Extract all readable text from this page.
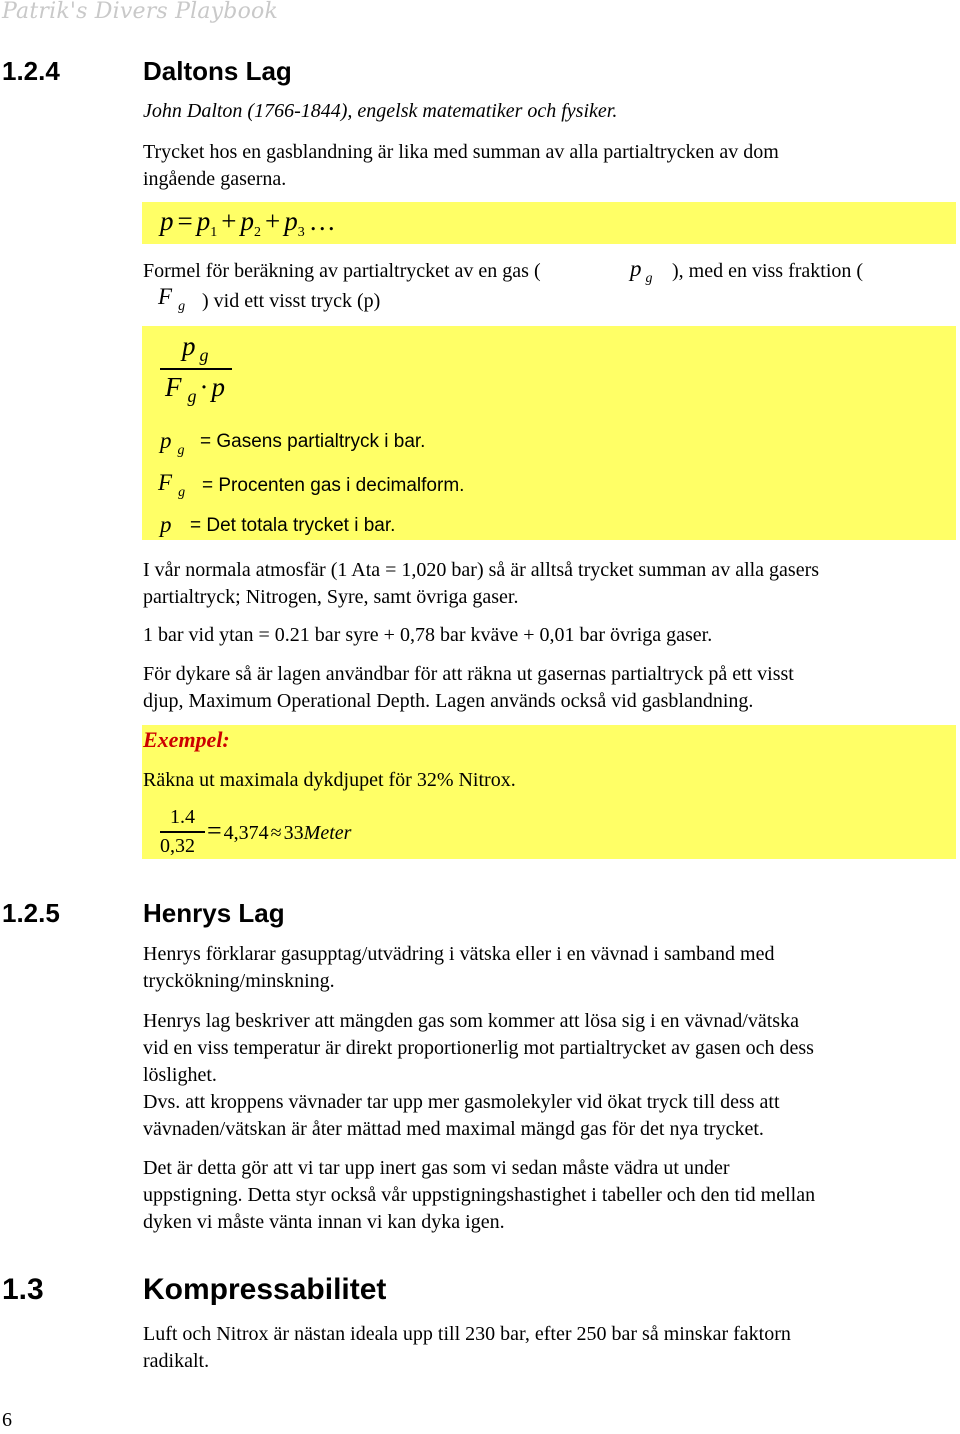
Patrik's Divers Playbook
1.2.4	Daltons Lag
John Dalton (1766-1844), engelsk matematiker och fysiker.
Trycket hos en gasblandning är lika med summan av alla partialtrycken av dom
ingående gaserna.
$p = p_1 + p_2 + p_3$ …
Formel för beräkning av partialtrycket av en gas (	p $_g$ ), med en viss fraktion (
F $_g$ ) vid ett visst tryck (p)
p $_g$
F $_g$ · p
p $_g$ = Gasens partialtryck i bar.
F $_g$ = Procenten gas i decimalform.
p = Det totala trycket i bar.
I vår normala atmosfär (1 Ata = 1,020 bar) så är alltså trycket summan av alla gasers
partialtryck; Nitrogen, Syre, samt övriga gaser.
1 bar vid ytan = 0.21 bar syre + 0,78 bar kväve + 0,01 bar övriga gaser.
För dykare så är lagen användbar för att räkna ut gasernas partialtryck på ett visst
djup, Maximum Operational Depth. Lagen används också vid gasblandning.
Exempel:
Räkna ut maximala dykdjupet för 32% Nitrox.
1.4
0,32
= 4,374 ≈ 33Meter
1.2.5	Henrys Lag
Henrys förklarar gasupptag/utvädring i vätska eller i en vävnad i samband med
tryckökning/minskning.
Henrys lag beskriver att mängden gas som kommer att lösa sig i en vävnad/vätska
vid en viss temperatur är direkt proportionerlig mot partialtrycket av gasen och dess
löslighet.
Dvs. att kroppens vävnader tar upp mer gasmolekyler vid ökat tryck till dess att
vävnaden/vätskan är åter mättad med maximal mängd gas för det nya trycket.
Det är detta gör att vi tar upp inert gas som vi sedan måste vädra ut under
uppstigning. Detta styr också vår uppstigningshastighet i tabeller och den tid mellan
dyken vi måste vänta innan vi kan dyka igen.
1.3	Kompressabilitet
Luft och Nitrox är nästan ideala upp till 230 bar, efter 250 bar så minskar faktorn
radikalt.
6
